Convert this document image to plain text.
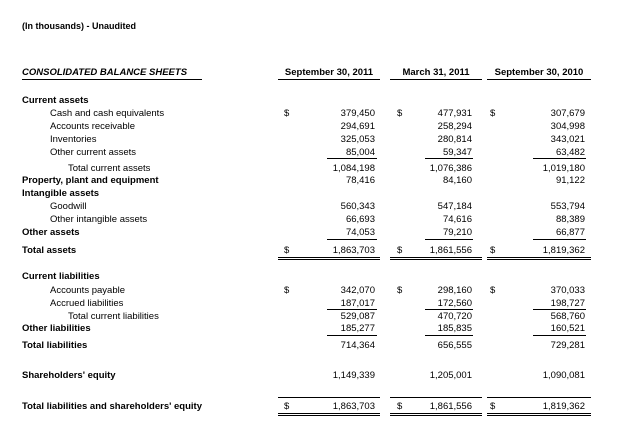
(In thousands) - Unaudited
CONSOLIDATED BALANCE SHEETS	September 30, 2011	March 31, 2011	September 30, 2010
Current assets
Cash and cash equivalents	$	379,450 $	477,931 $	307,679
Accounts receivable	294,691	258,294	304,998
Inventories	325,053	280,814	343,021
Other current assets	85,004	59,347	63,482
Total current assets	1,084,198	1,076,386	1,019,180
Property, plant and equipment	78,416	84,160	91,122
Intangible assets
Goodwill	560,343	547,184	553,794
Other intangible assets	66,693	74,616	88,389
Other assets	74,053	79,210	66,877
Total assets	$	1,863,703 $	1,861,556 $	1,819,362
Current liabilities
Accounts payable	$	342,070 $	298,160 $	370,033
Accrued liabilities	187,017	172,560	198,727
Total current liabilities	529,087	470,720	568,760
Other liabilities	185,277	185,835	160,521
Total liabilities	714,364	656,555	729,281
Shareholders' equity	1,149,339	1,205,001	1,090,081
Total liabilities and shareholders' equity	$	1,863,703 $	1,861,556 $	1,819,362
